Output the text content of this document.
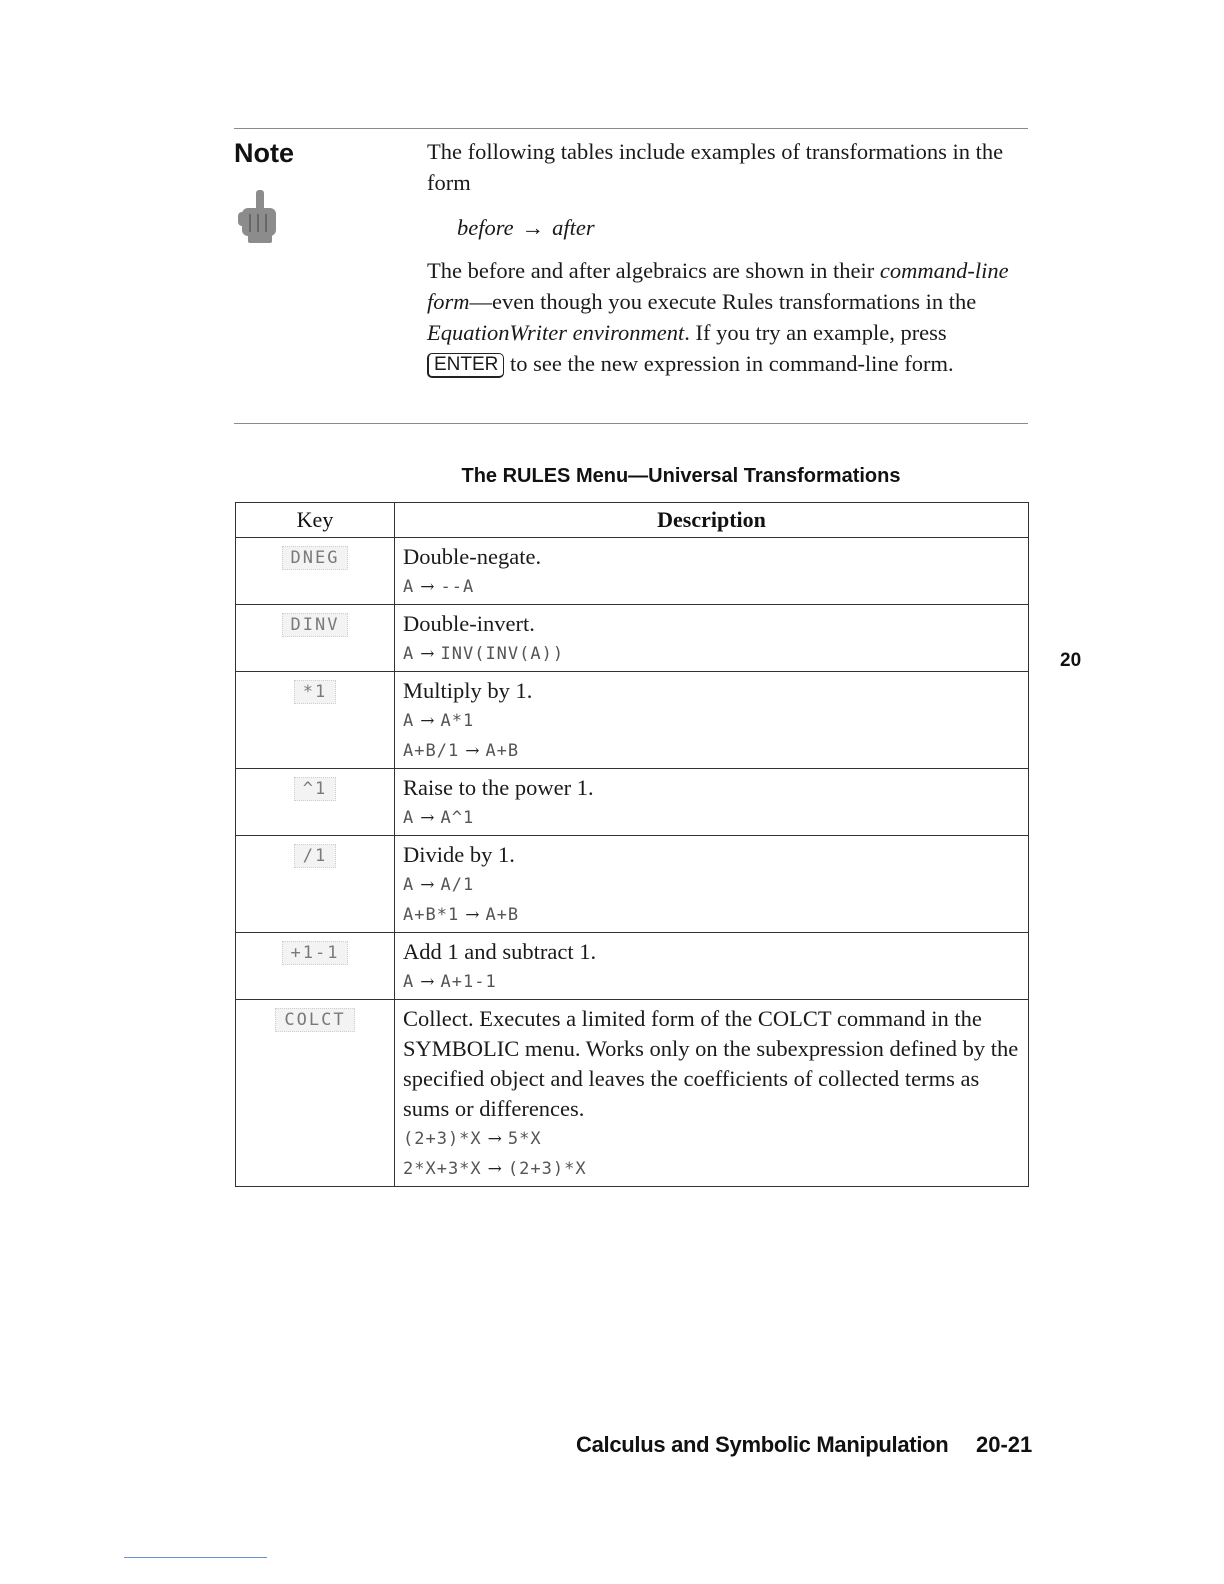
Note	The following tables include examples of transformations in the form

before → after

The before and after algebraics are shown in their command-line form—even though you execute Rules transformations in the EquationWriter environment. If you try an example, press ENTER to see the new expression in command-line form.

The RULES Menu—Universal Transformations
Key	Description
DNEG	Double-negate.
A → --A

DINV	Double-invert.
A → INV(INV(A))

*1	Multiply by 1.
A → A*1
A+B/1 → A+B

^1	Raise to the power 1.
A → A^1

/1	Divide by 1.
A → A/1
A+B*1 → A+B

+1-1	Add 1 and subtract 1.
A → A+1-1

COLCT	Collect. Executes a limited form of the COLCT command in the SYMBOLIC menu. Works only on the subexpression defined by the specified object and leaves the coefficients of collected terms as sums or differences.
(2+3)*X → 5*X
2*X+3*X → (2+3)*X
20
Calculus and Symbolic Manipulation 20-21
